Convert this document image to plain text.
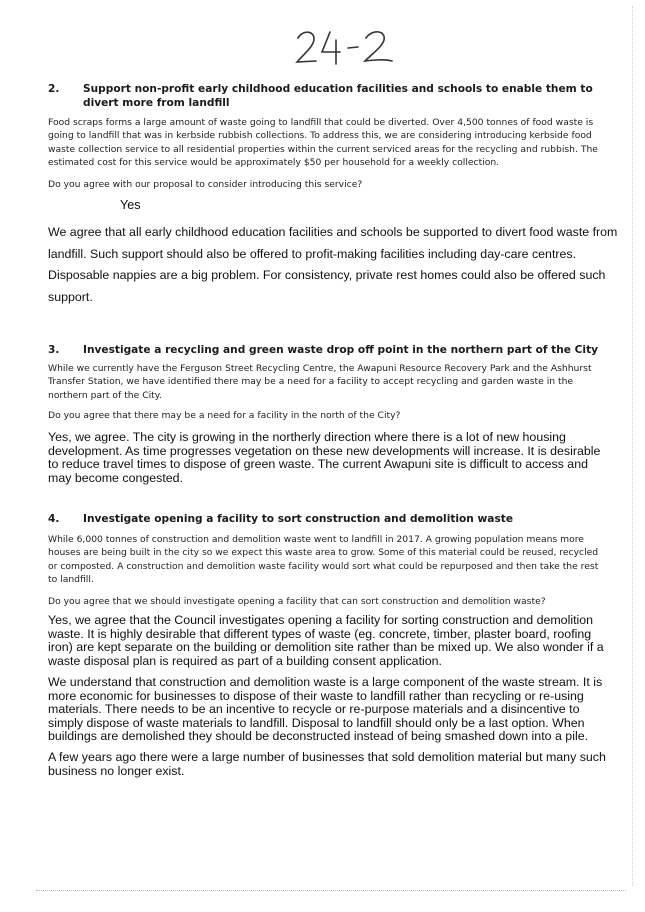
2. Support non-profit early childhood education facilities and schools to enable them to divert more from landfill
Food scraps forms a large amount of waste going to landfill that could be diverted. Over 4,500 tonnes of food waste is going to landfill that was in kerbside rubbish collections. To address this, we are considering introducing kerbside food waste collection service to all residential properties within the current serviced areas for the recycling and rubbish. The estimated cost for this service would be approximately $50 per household for a weekly collection.
Do you agree with our proposal to consider introducing this service?
Yes
We agree that all early childhood education facilities and schools be supported to divert food waste from landfill. Such support should also be offered to profit-making facilities including day-care centres. Disposable nappies are a big problem. For consistency, private rest homes could also be offered such support.
3. Investigate a recycling and green waste drop off point in the northern part of the City
While we currently have the Ferguson Street Recycling Centre, the Awapuni Resource Recovery Park and the Ashhurst Transfer Station, we have identified there may be a need for a facility to accept recycling and garden waste in the northern part of the City.
Do you agree that there may be a need for a facility in the north of the City?
Yes, we agree. The city is growing in the northerly direction where there is a lot of new housing development. As time progresses vegetation on these new developments will increase. It is desirable to reduce travel times to dispose of green waste. The current Awapuni site is difficult to access and may become congested.
4. Investigate opening a facility to sort construction and demolition waste
While 6,000 tonnes of construction and demolition waste went to landfill in 2017. A growing population means more houses are being built in the city so we expect this waste area to grow. Some of this material could be reused, recycled or composted. A construction and demolition waste facility would sort what could be repurposed and then take the rest to landfill.
Do you agree that we should investigate opening a facility that can sort construction and demolition waste?
Yes, we agree that the Council investigates opening a facility for sorting construction and demolition waste. It is highly desirable that different types of waste (eg. concrete, timber, plaster board, roofing iron) are kept separate on the building or demolition site rather than be mixed up. We also wonder if a waste disposal plan is required as part of a building consent application.
We understand that construction and demolition waste is a large component of the waste stream. It is more economic for businesses to dispose of their waste to landfill rather than recycling or re-using materials. There needs to be an incentive to recycle or re-purpose materials and a disincentive to simply dispose of waste materials to landfill. Disposal to landfill should only be a last option. When buildings are demolished they should be deconstructed instead of being smashed down into a pile.
A few years ago there were a large number of businesses that sold demolition material but many such business no longer exist.
